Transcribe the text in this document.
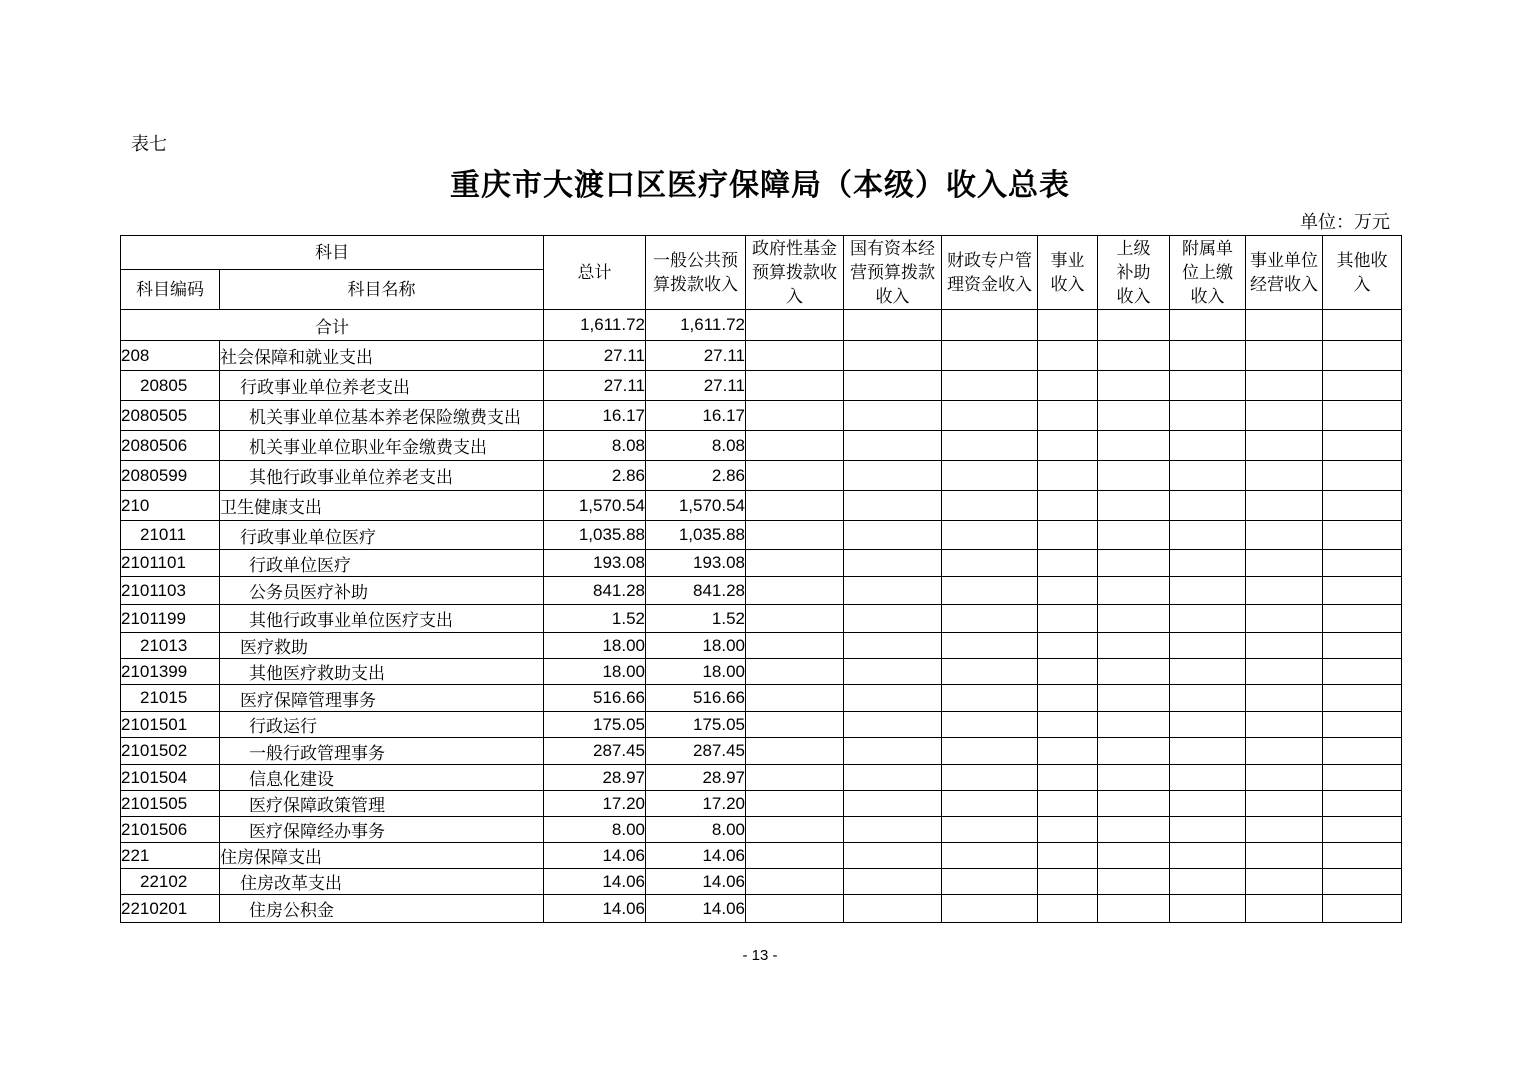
表七
重庆市大渡口区医疗保障局（本级）收入总表
单位：万元
科目		总计	一般公共预算拨款收入	政府性基金预算拨款收入	国有资本经营预算拨款收入	财政专户管理资金收入	事业收入	上级补助收入	附属单位上缴收入	事业单位经营收入	其他收入
科目编码	科目名称										
合计		1,611.72	1,611.72								
208	社会保障和就业支出	27.11	27.11								
20805	行政事业单位养老支出	27.11	27.11								
2080505	机关事业单位基本养老保险缴费支出	16.17	16.17								
2080506	机关事业单位职业年金缴费支出	8.08	8.08								
2080599	其他行政事业单位养老支出	2.86	2.86								
210	卫生健康支出	1,570.54	1,570.54								
21011	行政事业单位医疗	1,035.88	1,035.88								
2101101	行政单位医疗	193.08	193.08								
2101103	公务员医疗补助	841.28	841.28								
2101199	其他行政事业单位医疗支出	1.52	1.52								
21013	医疗救助	18.00	18.00								
2101399	其他医疗救助支出	18.00	18.00								
21015	医疗保障管理事务	516.66	516.66								
2101501	行政运行	175.05	175.05								
2101502	一般行政管理事务	287.45	287.45								
2101504	信息化建设	28.97	28.97								
2101505	医疗保障政策管理	17.20	17.20								
2101506	医疗保障经办事务	8.00	8.00								
221	住房保障支出	14.06	14.06								
22102	住房改革支出	14.06	14.06								
2210201	住房公积金	14.06	14.06								
- 13 -
